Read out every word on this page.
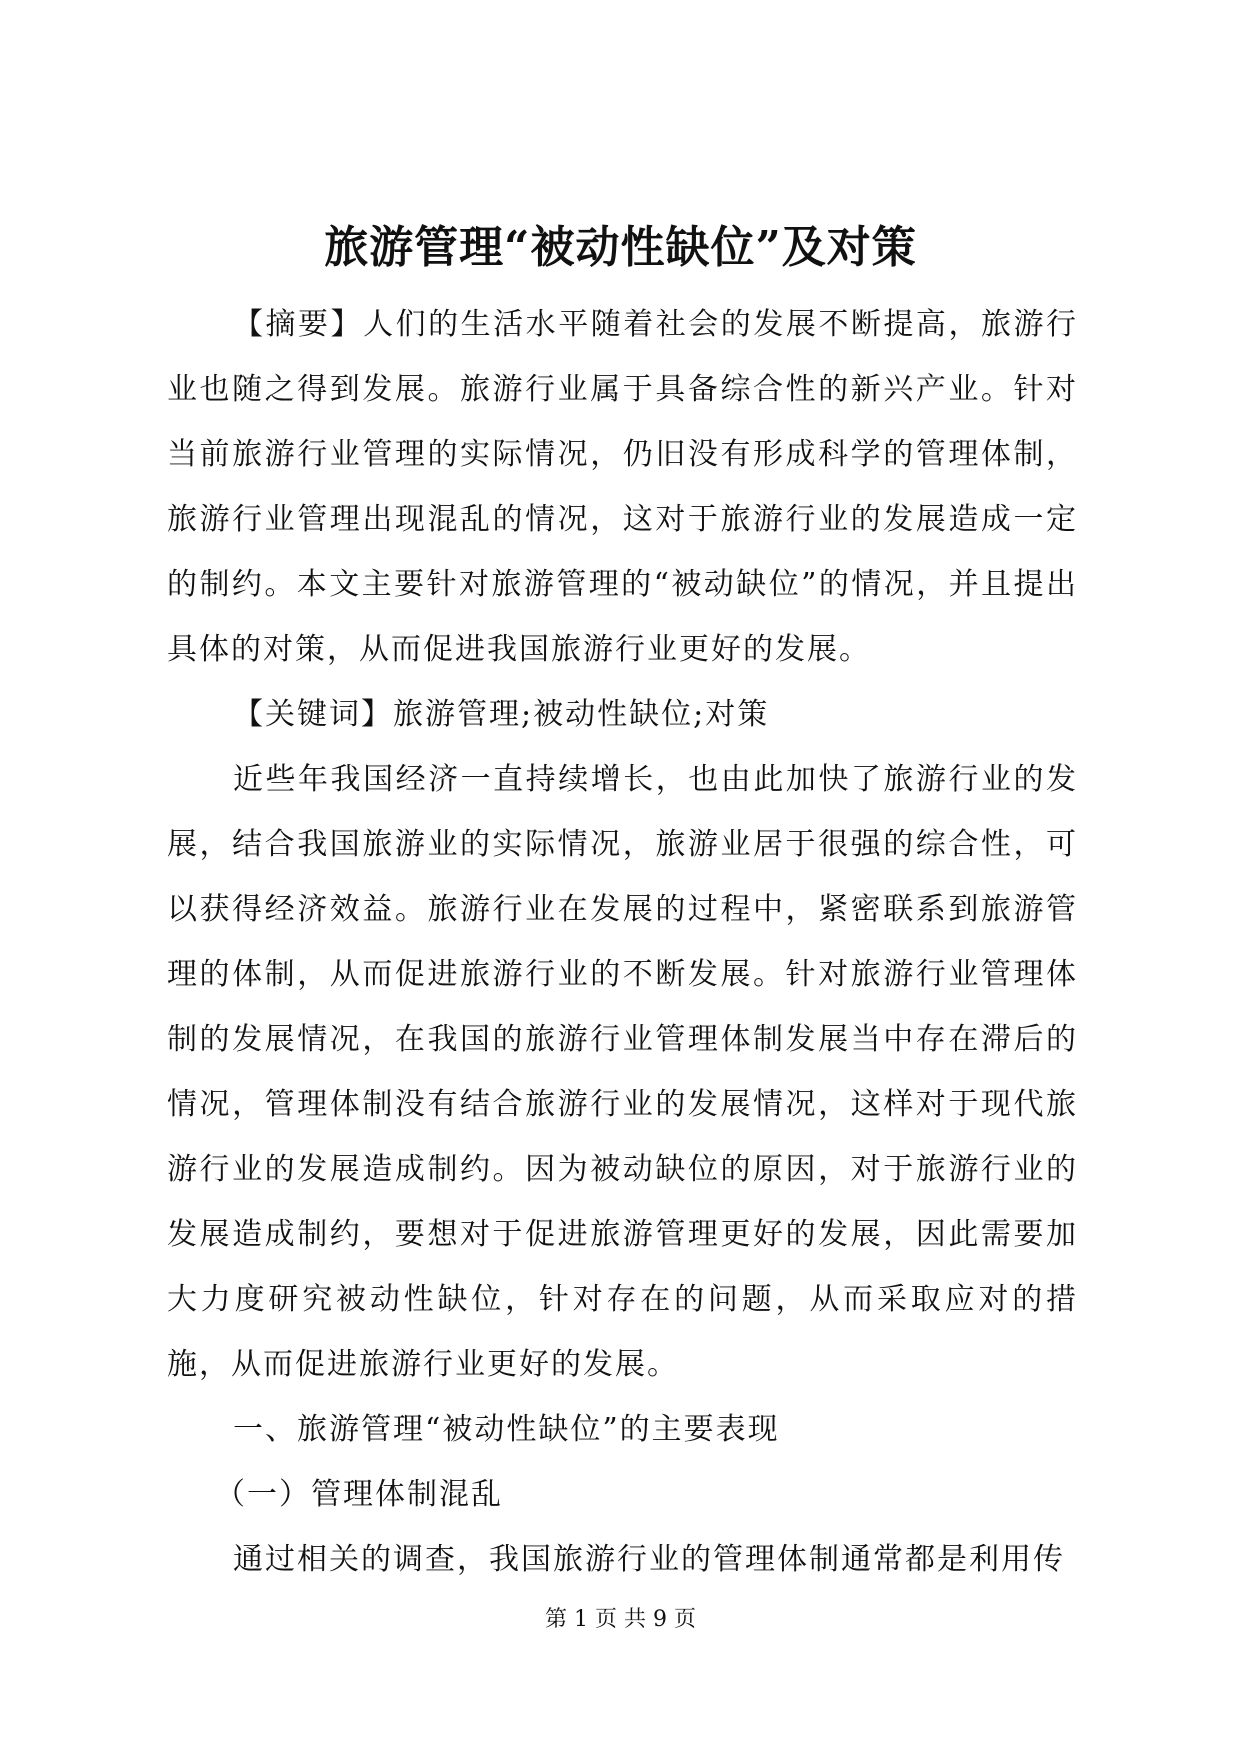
旅游管理“被动性缺位”及对策

【摘要】人们的生活水平随着社会的发展不断提高，旅游行业也随之得到发展。旅游行业属于具备综合性的新兴产业。针对当前旅游行业管理的实际情况，仍旧没有形成科学的管理体制，旅游行业管理出现混乱的情况，这对于旅游行业的发展造成一定的制约。本文主要针对旅游管理的“被动缺位”的情况，并且提出具体的对策，从而促进我国旅游行业更好的发展。

【关键词】旅游管理;被动性缺位;对策

近些年我国经济一直持续增长，也由此加快了旅游行业的发展，结合我国旅游业的实际情况，旅游业居于很强的综合性，可以获得经济效益。旅游行业在发展的过程中，紧密联系到旅游管理的体制，从而促进旅游行业的不断发展。针对旅游行业管理体制的发展情况，在我国的旅游行业管理体制发展当中存在滞后的情况，管理体制没有结合旅游行业的发展情况，这样对于现代旅游行业的发展造成制约。因为被动缺位的原因，对于旅游行业的发展造成制约，要想对于促进旅游管理更好的发展，因此需要加大力度研究被动性缺位，针对存在的问题，从而采取应对的措施，从而促进旅游行业更好的发展。

一、旅游管理“被动性缺位”的主要表现

（一）管理体制混乱

通过相关的调查，我国旅游行业的管理体制通常都是利用传

第 1 页 共 9 页
